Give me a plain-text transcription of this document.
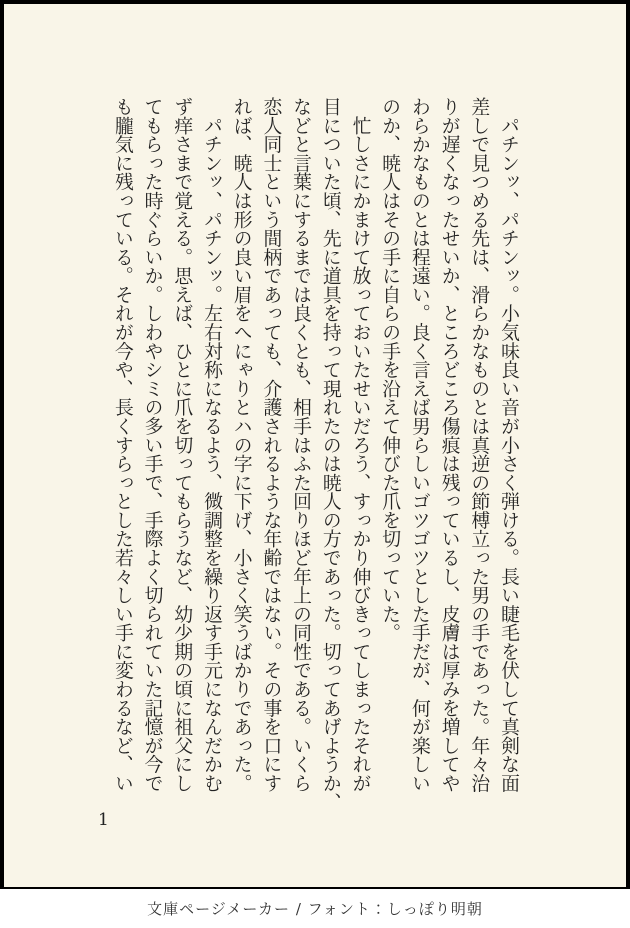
　パチンッ、パチンッ。小気味良い音が小さく弾ける。長い睫毛を伏して真剣な面
差しで見つめる先は、滑らかなものとは真逆の節榑立った男の手であった。年々治
りが遅くなったせいか、ところどころ傷痕は残っているし、皮膚は厚みを増してや
わらかなものとは程遠い。良く言えば男らしいゴツゴツとした手だが、何が楽しい
のか、暁人はその手に自らの手を沿えて伸びた爪を切っていた。
　忙しさにかまけて放っておいたせいだろう、すっかり伸びきってしまったそれが
目についた頃、先に道具を持って現れたのは暁人の方であった。切ってあげようか、
などと言葉にするまでは良くとも、相手はふた回りほど年上の同性である。いくら
恋人同士という間柄であっても、介護されるような年齢ではない。その事を口にす
れば、暁人は形の良い眉をへにゃりとハの字に下げ、小さく笑うばかりであった。
　パチンッ、パチンッ。左右対称になるよう、微調整を繰り返す手元になんだかむ
ず痒さまで覚える。思えば、ひとに爪を切ってもらうなど、幼少期の頃に祖父にし
てもらった時ぐらいか。しわやシミの多い手で、手際よく切られていた記憶が今で
も朧気に残っている。それが今や、長くすらっとした若々しい手に変わるなど、い
1
文庫ページメーカー / フォント：しっぽり明朝
